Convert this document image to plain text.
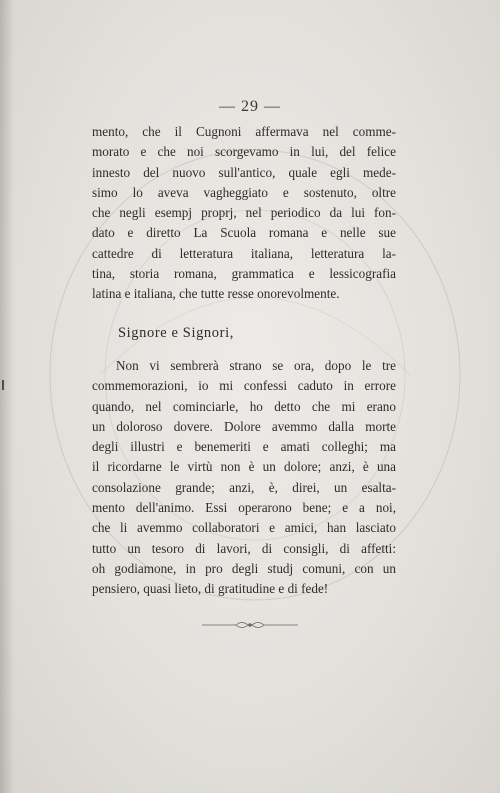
— 29 —
mento, che il Cugnoni affermava nel comme-
morato e che noi scorgevamo in lui, del felice
innesto del nuovo sull'antico, quale egli mede-
simo lo aveva vagheggiato e sostenuto, oltre
che negli esempj proprj, nel periodico da lui fon-
dato e diretto La Scuola romana e nelle sue
cattedre di letteratura italiana, letteratura la-
tina, storia romana, grammatica e lessicografia
latina e italiana, che tutte resse onorevolmente.
Signore e Signori,
Non vi sembrerà strano se ora, dopo le tre
commemorazioni, io mi confessi caduto in errore
quando, nel cominciarle, ho detto che mi erano
un doloroso dovere. Dolore avemmo dalla morte
degli illustri e benemeriti e amati colleghi; ma
il ricordarne le virtù non è un dolore; anzi, è una
consolazione grande; anzi, è, direi, un esalta-
mento dell'animo. Essi operarono bene; e a noi,
che li avemmo collaboratori e amici, han lasciato
tutto un tesoro di lavori, di consigli, di affetti:
oh godiamone, in pro degli studj comuni, con un
pensiero, quasi lieto, di gratitudine e di fede!
